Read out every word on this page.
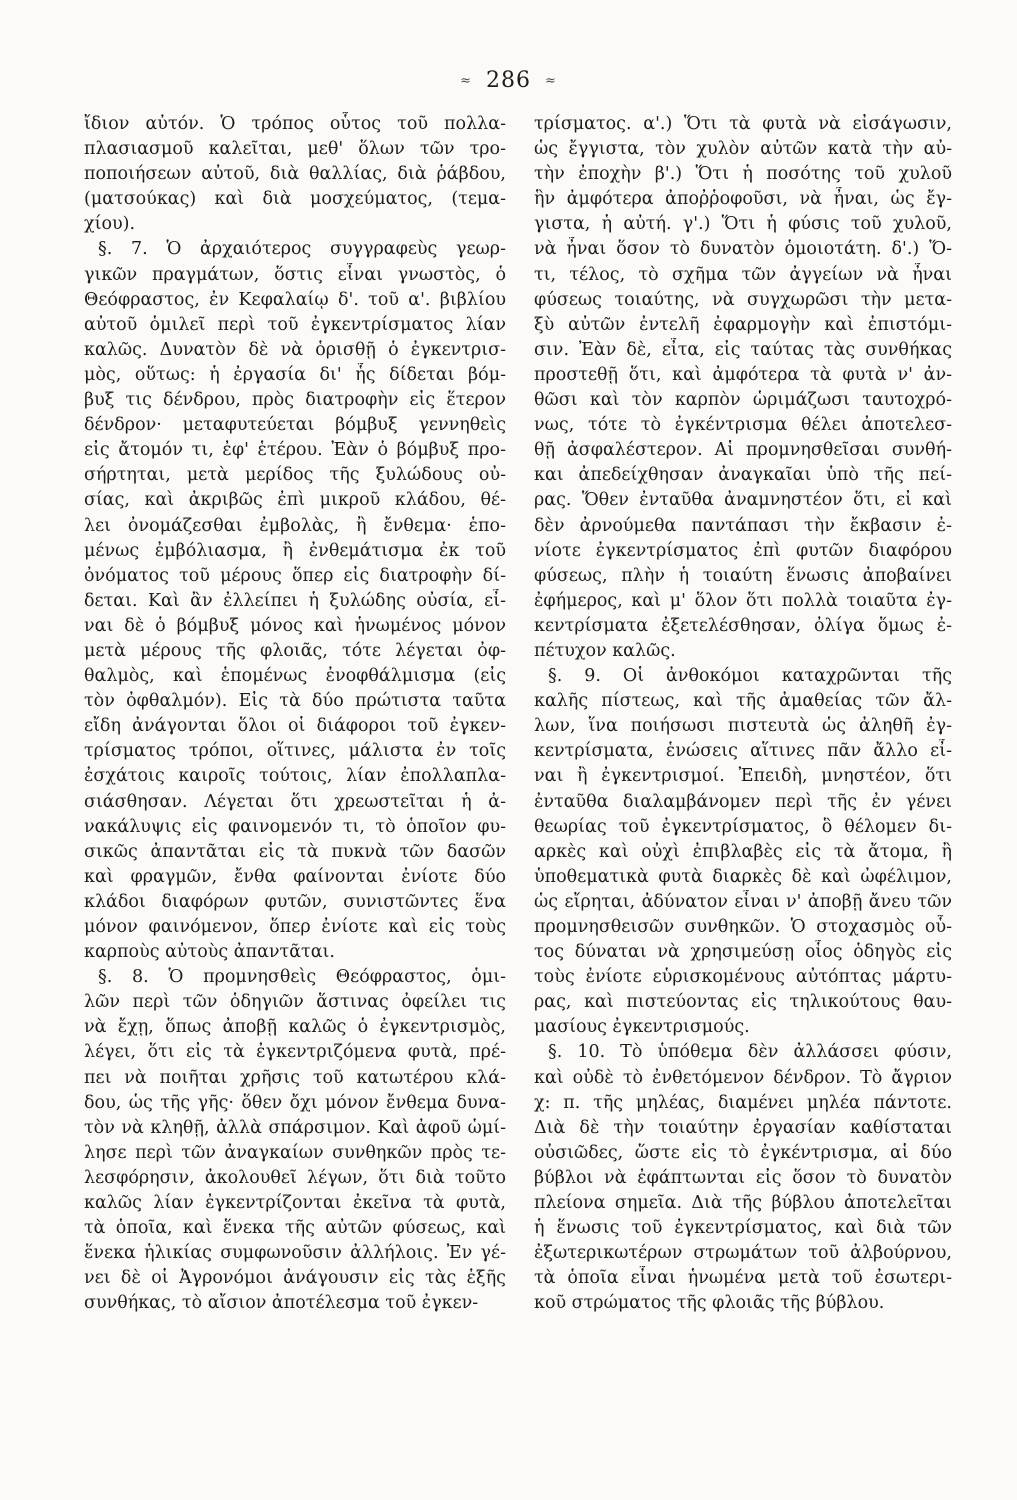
≈ 286 ≈
ἴδιον αὐτόν. Ὁ τρόπος οὗτος τοῦ πολλα-
πλασιασμοῦ καλεῖται, μεθ' ὅλων τῶν τρο-
ποποιήσεων αὐτοῦ, διὰ θαλλίας, διὰ ῥάβδου,
(ματσούκας) καὶ διὰ μοσχεύματος, (τεμα-
χίου).
§. 7. Ὁ ἀρχαιότερος συγγραφεὺς γεωρ-
γικῶν πραγμάτων, ὅστις εἶναι γνωστὸς, ὁ
Θεόφραστος, ἐν Κεφαλαίῳ δ'. τοῦ α'. βιβλίου
αὐτοῦ ὁμιλεῖ περὶ τοῦ ἐγκεντρίσματος λίαν
καλῶς. Δυνατὸν δὲ νὰ ὁρισθῇ ὁ ἐγκεντρισ-
μὸς, οὕτως: ἡ ἐργασία δι' ἧς δίδεται βόμ-
βυξ τις δένδρου, πρὸς διατροφὴν εἰς ἕτερον
δένδρον· μεταφυτεύεται βόμβυξ γεννηθεὶς
εἰς ἄτομόν τι, ἐφ' ἑτέρου. Ἐὰν ὁ βόμβυξ προ-
σήρτηται, μετὰ μερίδος τῆς ξυλώδους οὐ-
σίας, καὶ ἀκριβῶς ἐπὶ μικροῦ κλάδου, θέ-
λει ὀνομάζεσθαι ἐμβολὰς, ἢ ἔνθεμα· ἑπο-
μένως ἐμβόλιασμα, ἢ ἐνθεμάτισμα ἐκ τοῦ
ὀνόματος τοῦ μέρους ὅπερ εἰς διατροφὴν δί-
δεται. Καὶ ἂν ἐλλείπει ἡ ξυλώδης οὐσία, εἶ-
ναι δὲ ὁ βόμβυξ μόνος καὶ ἡνωμένος μόνον
μετὰ μέρους τῆς φλοιᾶς, τότε λέγεται ὀφ-
θαλμὸς, καὶ ἑπομένως ἐνοφθάλμισμα (εἰς
τὸν ὀφθαλμόν). Εἰς τὰ δύο πρώτιστα ταῦτα
εἴδη ἀνάγονται ὅλοι οἱ διάφοροι τοῦ ἐγκεν-
τρίσματος τρόποι, οἵτινες, μάλιστα ἐν τοῖς
ἐσχάτοις καιροῖς τούτοις, λίαν ἐπολλαπλα-
σιάσθησαν. Λέγεται ὅτι χρεωστεῖται ἡ ἀ-
νακάλυψις εἰς φαινομενόν τι, τὸ ὁποῖον φυ-
σικῶς ἀπαντᾶται εἰς τὰ πυκνὰ τῶν δασῶν
καὶ φραγμῶν, ἔνθα φαίνονται ἐνίοτε δύο
κλάδοι διαφόρων φυτῶν, συνιστῶντες ἕνα
μόνον φαινόμενον, ὅπερ ἐνίοτε καὶ εἰς τοὺς
καρποὺς αὐτοὺς ἀπαντᾶται.
§. 8. Ὁ προμνησθεὶς Θεόφραστος, ὁμι-
λῶν περὶ τῶν ὁδηγιῶν ἅστινας ὀφείλει τις
νὰ ἔχῃ, ὅπως ἀποβῇ καλῶς ὁ ἐγκεντρισμὸς,
λέγει, ὅτι εἰς τὰ ἐγκεντριζόμενα φυτὰ, πρέ-
πει νὰ ποιῆται χρῆσις τοῦ κατωτέρου κλά-
δου, ὡς τῆς γῆς· ὅθεν ὄχι μόνον ἔνθεμα δυνα-
τὸν νὰ κληθῇ, ἀλλὰ σπάρσιμον. Καὶ ἀφοῦ ὡμί-
λησε περὶ τῶν ἀναγκαίων συνθηκῶν πρὸς τε-
λεσφόρησιν, ἀκολουθεῖ λέγων, ὅτι διὰ τοῦτο
καλῶς λίαν ἐγκεντρίζονται ἐκεῖνα τὰ φυτὰ,
τὰ ὁποῖα, καὶ ἕνεκα τῆς αὐτῶν φύσεως, καὶ
ἕνεκα ἡλικίας συμφωνοῦσιν ἀλλήλοις. Ἐν γέ-
νει δὲ οἱ Ἀγρονόμοι ἀνάγουσιν εἰς τὰς ἑξῆς
συνθήκας, τὸ αἴσιον ἀποτέλεσμα τοῦ ἐγκεν-
τρίσματος. α'.) Ὅτι τὰ φυτὰ νὰ εἰσάγωσιν,
ὡς ἔγγιστα, τὸν χυλὸν αὐτῶν κατὰ τὴν αὐ-
τὴν ἐποχὴν β'.) Ὅτι ἡ ποσότης τοῦ χυλοῦ
ἣν ἀμφότερα ἀποῤῥοφοῦσι, νὰ ἦναι, ὡς ἔγ-
γιστα, ἡ αὐτή. γ'.) Ὅτι ἡ φύσις τοῦ χυλοῦ,
νὰ ἦναι ὅσον τὸ δυνατὸν ὁμοιοτάτη. δ'.) Ὅ-
τι, τέλος, τὸ σχῆμα τῶν ἀγγείων νὰ ἦναι
φύσεως τοιαύτης, νὰ συγχωρῶσι τὴν μετα-
ξὺ αὐτῶν ἐντελῆ ἐφαρμογὴν καὶ ἐπιστόμι-
σιν. Ἐὰν δὲ, εἶτα, εἰς ταύτας τὰς συνθήκας
προστεθῇ ὅτι, καὶ ἀμφότερα τὰ φυτὰ ν' ἀν-
θῶσι καὶ τὸν καρπὸν ὡριμάζωσι ταυτοχρό-
νως, τότε τὸ ἐγκέντρισμα θέλει ἀποτελεσ-
θῇ ἀσφαλέστερον. Αἱ προμνησθεῖσαι συνθή-
και ἀπεδείχθησαν ἀναγκαῖαι ὑπὸ τῆς πεί-
ρας. Ὅθεν ἐνταῦθα ἀναμνηστέον ὅτι, εἰ καὶ
δὲν ἀρνούμεθα παντάπασι τὴν ἔκβασιν ἐ-
νίοτε ἐγκεντρίσματος ἐπὶ φυτῶν διαφόρου
φύσεως, πλὴν ἡ τοιαύτη ἕνωσις ἀποβαίνει
ἐφήμερος, καὶ μ' ὅλον ὅτι πολλὰ τοιαῦτα ἐγ-
κεντρίσματα ἐξετελέσθησαν, ὀλίγα ὅμως ἐ-
πέτυχον καλῶς.
§. 9. Οἱ ἀνθοκόμοι καταχρῶνται τῆς
καλῆς πίστεως, καὶ τῆς ἀμαθείας τῶν ἄλ-
λων, ἵνα ποιήσωσι πιστευτὰ ὡς ἀληθῆ ἐγ-
κεντρίσματα, ἑνώσεις αἵτινες πᾶν ἄλλο εἶ-
ναι ἢ ἐγκεντρισμοί. Ἐπειδὴ, μνηστέον, ὅτι
ἐνταῦθα διαλαμβάνομεν περὶ τῆς ἐν γένει
θεωρίας τοῦ ἐγκεντρίσματος, ὃ θέλομεν δι-
αρκὲς καὶ οὐχὶ ἐπιβλαβὲς εἰς τὰ ἄτομα, ἢ
ὑποθεματικὰ φυτὰ διαρκὲς δὲ καὶ ὠφέλιμον,
ὡς εἴρηται, ἀδύνατον εἶναι ν' ἀποβῇ ἄνευ τῶν
προμνησθεισῶν συνθηκῶν. Ὁ στοχασμὸς οὗ-
τος δύναται νὰ χρησιμεύσῃ οἷος ὁδηγὸς εἰς
τοὺς ἐνίοτε εὑρισκομένους αὐτόπτας μάρτυ-
ρας, καὶ πιστεύοντας εἰς τηλικούτους θαυ-
μασίους ἐγκεντρισμούς.
§. 10. Τὸ ὑπόθεμα δὲν ἀλλάσσει φύσιν,
καὶ οὐδὲ τὸ ἐνθετόμενον δένδρον. Τὸ ἄγριον
χ: π. τῆς μηλέας, διαμένει μηλέα πάντοτε.
Διὰ δὲ τὴν τοιαύτην ἐργασίαν καθίσταται
οὐσιῶδες, ὥστε εἰς τὸ ἐγκέντρισμα, αἱ δύο
βύβλοι νὰ ἐφάπτωνται εἰς ὅσον τὸ δυνατὸν
πλείονα σημεῖα. Διὰ τῆς βύβλου ἀποτελεῖται
ἡ ἕνωσις τοῦ ἐγκεντρίσματος, καὶ διὰ τῶν
ἐξωτερικωτέρων στρωμάτων τοῦ ἀλβούρνου,
τὰ ὁποῖα εἶναι ἡνωμένα μετὰ τοῦ ἐσωτερι-
κοῦ στρώματος τῆς φλοιᾶς τῆς βύβλου.
